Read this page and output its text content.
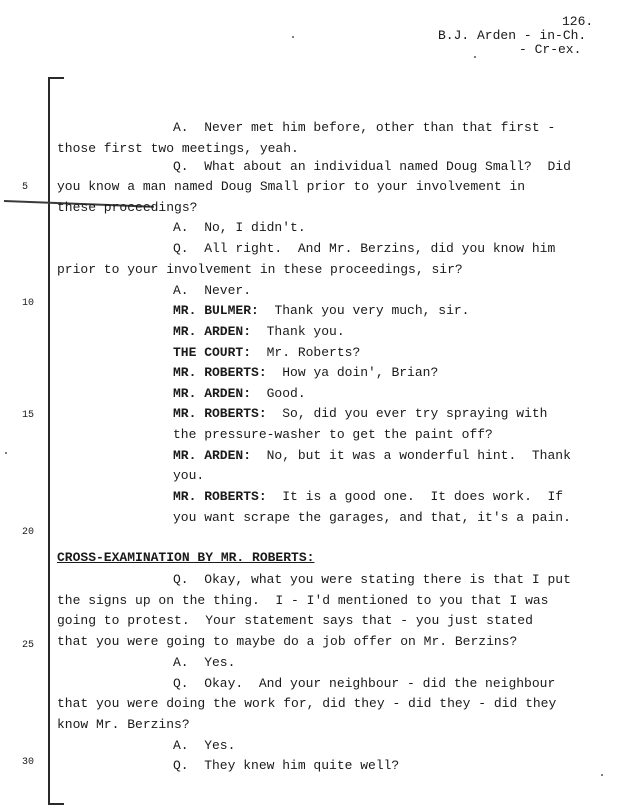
126.
B.J. Arden - in-Ch.
- Cr-ex.
5
10
15
20
25
30
A.  Never met him before, other than that first -
those first two meetings, yeah.
Q.  What about an individual named Doug Small?  Did
you know a man named Doug Small prior to your involvement in
these proceedings?
A.  No, I didn't.
Q.  All right.  And Mr. Berzins, did you know him
prior to your involvement in these proceedings, sir?
A.  Never.
MR. BULMER: Thank you very much, sir.
MR. ARDEN: Thank you.
THE COURT: Mr. Roberts?
MR. ROBERTS: How ya doin', Brian?
MR. ARDEN: Good.
MR. ROBERTS: So, did you ever try spraying with
the pressure-washer to get the paint off?
MR. ARDEN: No, but it was a wonderful hint.  Thank
you.
MR. ROBERTS: It is a good one.  It does work.  If
you want scrape the garages, and that, it's a pain.
CROSS-EXAMINATION BY MR. ROBERTS:
Q.  Okay, what you were stating there is that I put
the signs up on the thing.  I - I'd mentioned to you that I was
going to protest.  Your statement says that - you just stated
that you were going to maybe do a job offer on Mr. Berzins?
A.  Yes.
Q.  Okay.  And your neighbour - did the neighbour
that you were doing the work for, did they - did they - did they
know Mr. Berzins?
A.  Yes.
Q.  They knew him quite well?
